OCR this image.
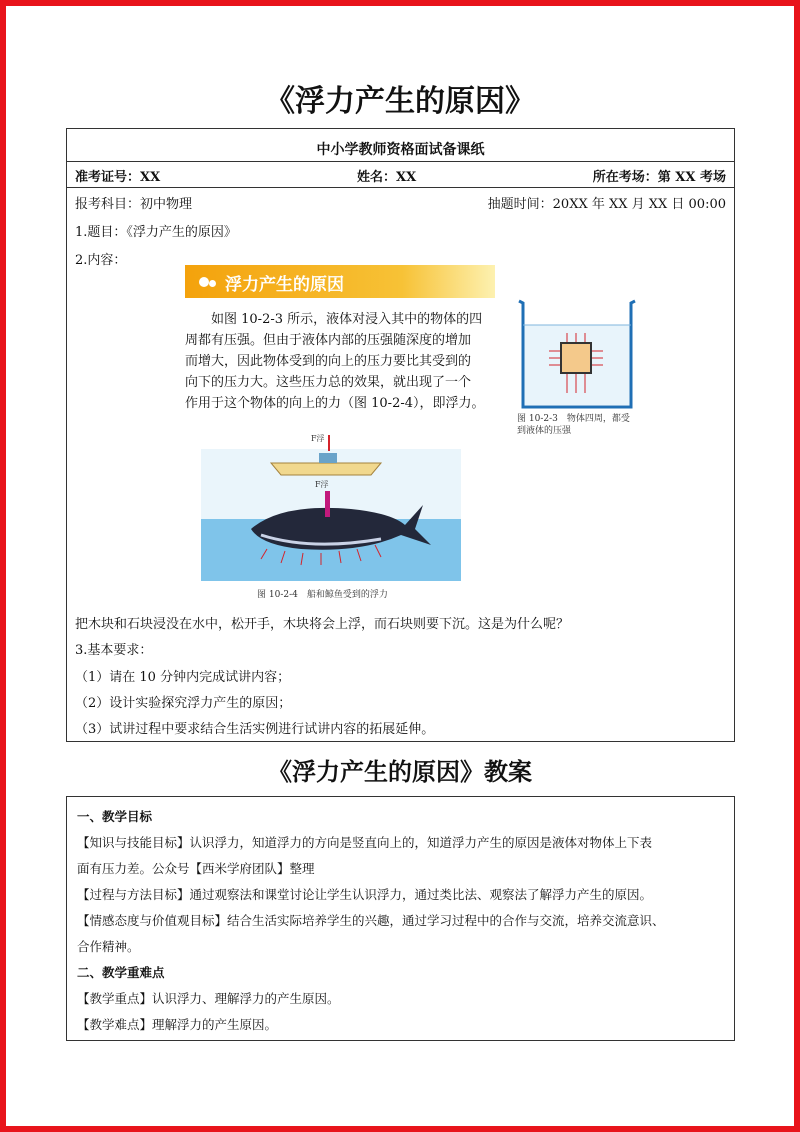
《浮力产生的原因》
中小学教师资格面试备课纸
准考证号：XX	姓名：XX	所在考场：第 XX 考场
报考科目：初中物理	抽题时间：20XX 年 XX 月 XX 日 00:00
1.题目：《浮力产生的原因》
2.内容：
浮力产生的原因
如图 10-2-3 所示，液体对浸入其中的物体的四
周都有压强。但由于液体内部的压强随深度的增加
而增大，因此物体受到的向上的压力要比其受到的
向下的压力大。这些压力总的效果，就出现了一个
作用于这个物体的向上的力（图 10-2-4），即浮力。
图 10-2-3　物体四周，都受
到液体的压强
F浮
F浮
图 10-2-4　船和鲸鱼受到的浮力
把木块和石块浸没在水中，松开手，木块将会上浮，而石块则要下沉。这是为什么呢？
3.基本要求：
（1）请在 10 分钟内完成试讲内容；
（2）设计实验探究浮力产生的原因；
（3）试讲过程中要求结合生活实例进行试讲内容的拓展延伸。
《浮力产生的原因》教案
一、教学目标
【知识与技能目标】认识浮力，知道浮力的方向是竖直向上的，知道浮力产生的原因是液体对物体上下表
面有压力差。公众号【西米学府团队】整理
【过程与方法目标】通过观察法和课堂讨论让学生认识浮力，通过类比法、观察法了解浮力产生的原因。
【情感态度与价值观目标】结合生活实际培养学生的兴趣，通过学习过程中的合作与交流，培养交流意识、
合作精神。
二、教学重难点
【教学重点】认识浮力、理解浮力的产生原因。
【教学难点】理解浮力的产生原因。
